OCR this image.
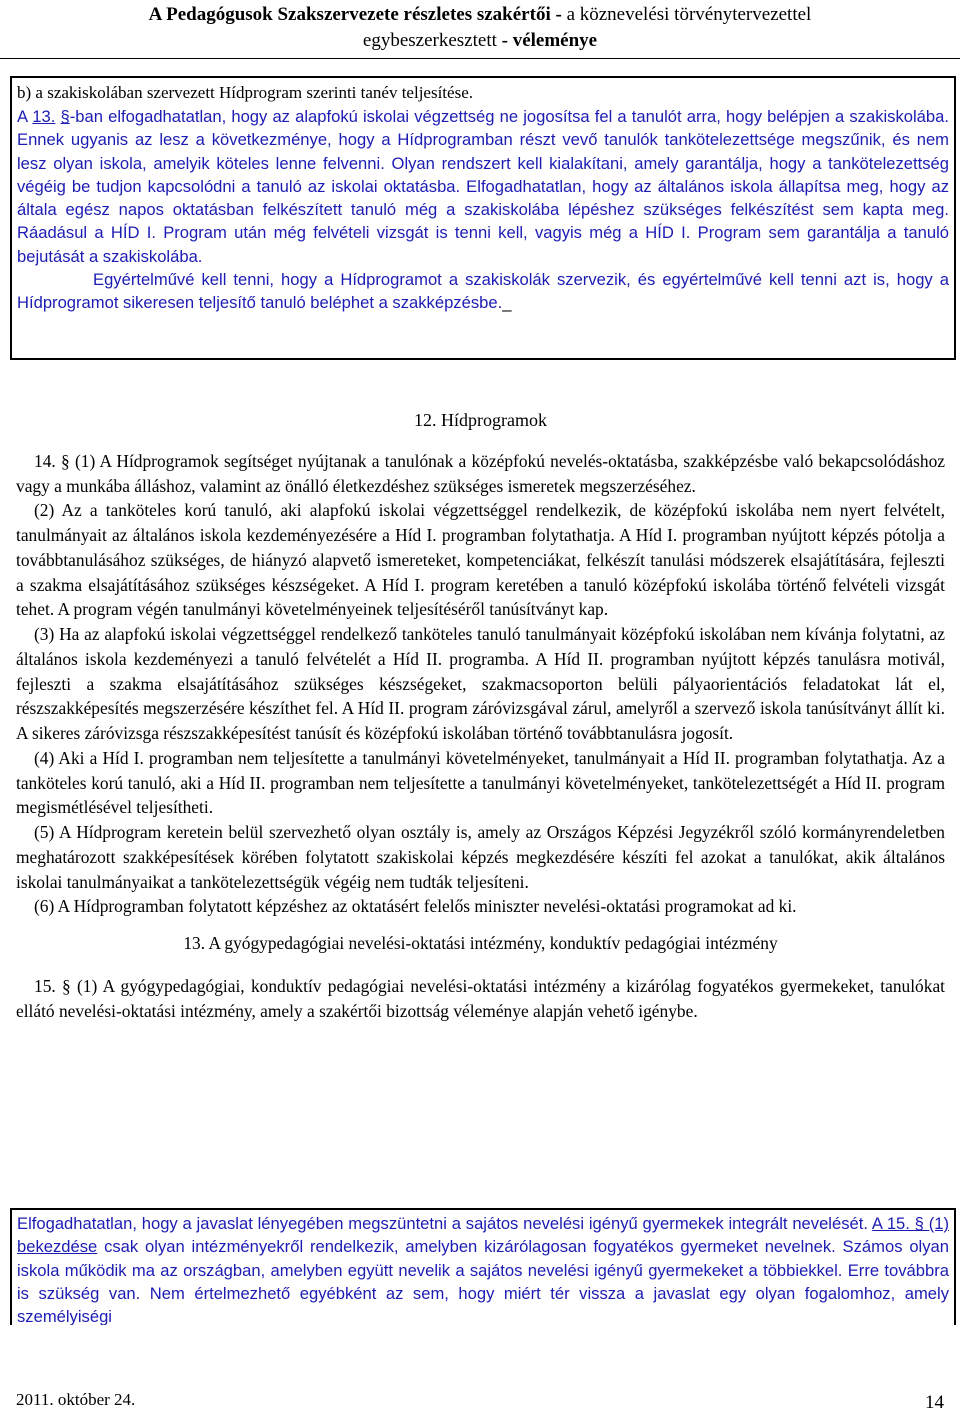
A Pedagógusok Szakszervezete részletes szakértői - a köznevelési törvénytervezettel
egybeszerkesztett - véleménye

b) a szakiskolában szervezett Hídprogram szerinti tanév teljesítése.

A 13. §-ban elfogadhatatlan, hogy az alapfokú iskolai végzettség ne jogosítsa fel a tanulót arra, hogy belépjen a szakiskolába. Ennek ugyanis az lesz a következménye, hogy a Hídprogramban részt vevő tanulók tankötelezettsége megszűnik, és nem lesz olyan iskola, amelyik köteles lenne felvenni. Olyan rendszert kell kialakítani, amely garantálja, hogy a tankötelezettség végéig be tudjon kapcsolódni a tanuló az iskolai oktatásba. Elfogadhatatlan, hogy az általános iskola állapítsa meg, hogy az általa egész napos oktatásban felkészített tanuló még a szakiskolába lépéshez szükséges felkészítést sem kapta meg. Ráadásul a HÍD I. Program után még felvételi vizsgát is tenni kell, vagyis még a HÍD I. Program sem garantálja a tanuló bejutását a szakiskolába.

Egyértelművé kell tenni, hogy a Hídprogramot a szakiskolák szervezik, és egyértelművé kell tenni azt is, hogy a Hídprogramot sikeresen teljesítő tanuló beléphet a szakképzésbe._

12. Hídprogramok

14. § (1) A Hídprogramok segítséget nyújtanak a tanulónak a középfokú nevelés-oktatásba, szakképzésbe való bekapcsolódáshoz vagy a munkába álláshoz, valamint az önálló életkezdéshez szükséges ismeretek megszerzéséhez.

(2) Az a tanköteles korú tanuló, aki alapfokú iskolai végzettséggel rendelkezik, de középfokú iskolába nem nyert felvételt, tanulmányait az általános iskola kezdeményezésére a Híd I. programban folytathatja. A Híd I. programban nyújtott képzés pótolja a továbbtanulásához szükséges, de hiányzó alapvető ismereteket, kompetenciákat, felkészít tanulási módszerek elsajátítására, fejleszti a szakma elsajátításához szükséges készségeket. A Híd I. program keretében a tanuló középfokú iskolába történő felvételi vizsgát tehet. A program végén tanulmányi követelményeinek teljesítéséről tanúsítványt kap.

(3) Ha az alapfokú iskolai végzettséggel rendelkező tanköteles tanuló tanulmányait középfokú iskolában nem kívánja folytatni, az általános iskola kezdeményezi a tanuló felvételét a Híd II. programba. A Híd II. programban nyújtott képzés tanulásra motivál, fejleszti a szakma elsajátításához szükséges készségeket, szakmacsoporton belüli pályaorientációs feladatokat lát el, részszakképesítés megszerzésére készíthet fel. A Híd II. program záróvizsgával zárul, amelyről a szervező iskola tanúsítványt állít ki. A sikeres záróvizsga részszakképesítést tanúsít és középfokú iskolában történő továbbtanulásra jogosít.

(4) Aki a Híd I. programban nem teljesítette a tanulmányi követelményeket, tanulmányait a Híd II. programban folytathatja. Az a tanköteles korú tanuló, aki a Híd II. programban nem teljesítette a tanulmányi követelményeket, tankötelezettségét a Híd II. program megismétlésével teljesítheti.

(5) A Hídprogram keretein belül szervezhető olyan osztály is, amely az Országos Képzési Jegyzékről szóló kormányrendeletben meghatározott szakképesítések körében folytatott szakiskolai képzés megkezdésére készíti fel azokat a tanulókat, akik általános iskolai tanulmányaikat a tankötelezettségük végéig nem tudták teljesíteni.

(6) A Hídprogramban folytatott képzéshez az oktatásért felelős miniszter nevelési-oktatási programokat ad ki.

13. A gyógypedagógiai nevelési-oktatási intézmény, konduktív pedagógiai intézmény

15. § (1) A gyógypedagógiai, konduktív pedagógiai nevelési-oktatási intézmény a kizárólag fogyatékos gyermekeket, tanulókat ellátó nevelési-oktatási intézmény, amely a szakértői bizottság véleménye alapján vehető igénybe.

Elfogadhatatlan, hogy a javaslat lényegében megszüntetni a sajátos nevelési igényű gyermekek integrált nevelését. A 15. § (1) bekezdése csak olyan intézményekről rendelkezik, amelyben kizárólagosan fogyatékos gyermeket nevelnek. Számos olyan iskola működik ma az országban, amelyben együtt nevelik a sajátos nevelési igényű gyermekeket a többiekkel. Erre továbbra is szükség van. Nem értelmezhető egyébként az sem, hogy miért tér vissza a javaslat egy olyan fogalomhoz, amely személyiségi

2011. október 24.	14
